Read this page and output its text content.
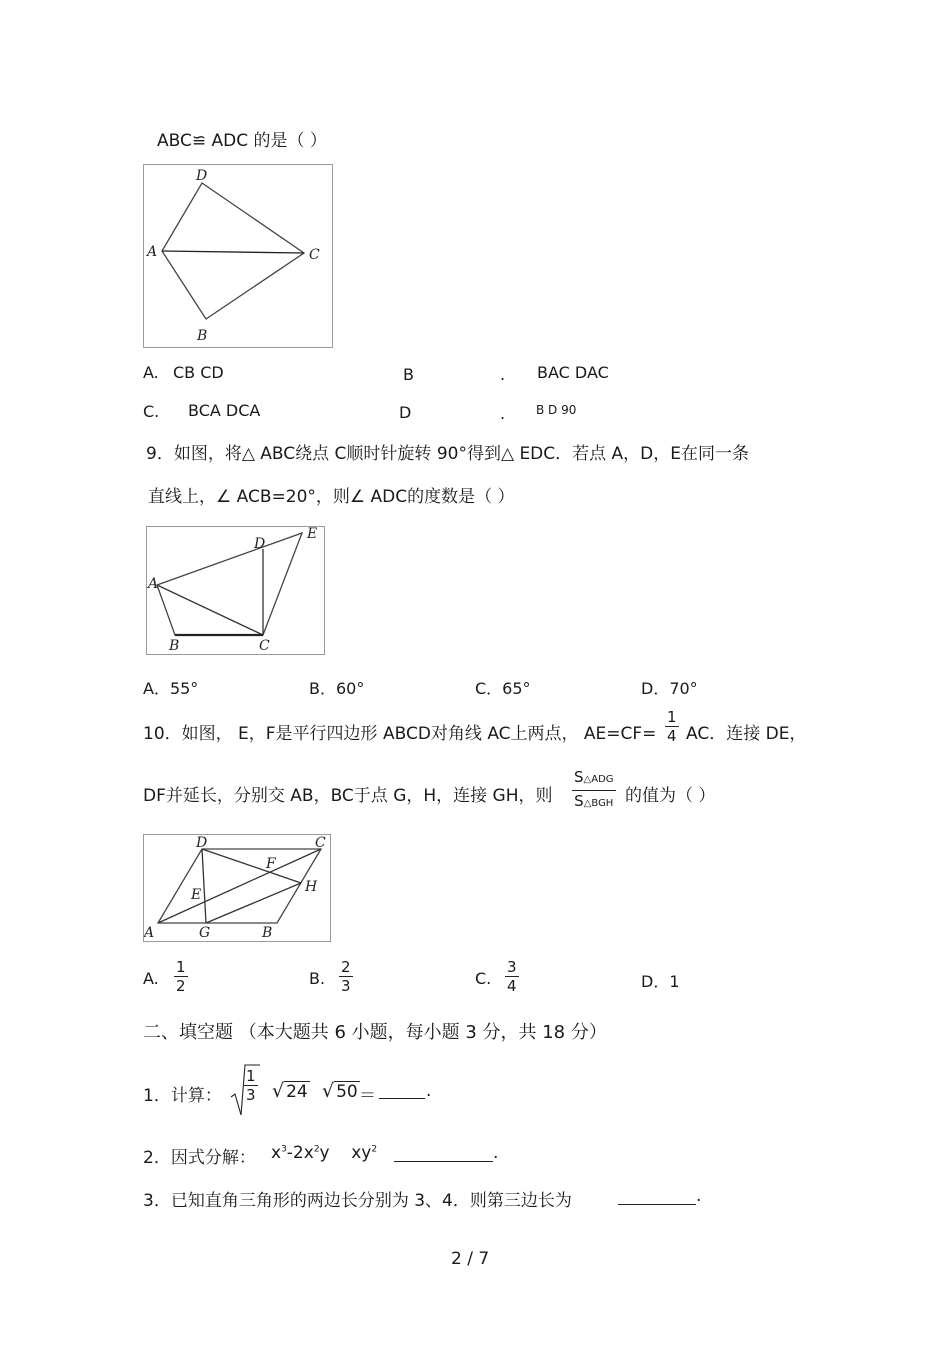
ABC≌ ADC 的是（ ）
D
A	C
B
A. CB CD	B	. BAC DAC
C. BCA DCA	D	.	B D 90
9．如图，将△ ABC绕点 C顺时针旋转 90°得到△ EDC．若点 A，D，E在同一条
直线上，∠ ACB=20°，则∠ ADC的度数是（ ）
D
E
A
B	C
A．55°	B．60°	C．65°	D．70°
10．如图， E，F是平行四边形 ABCD对角线 AC上两点， $AE=CF= \frac{1}{4}$ AC．连接 DE，
DF并延长，分别交 AB，BC于点 G，H，连接 GH，则
S△ADG
S△BGH 的值为（ ）
D	C
F
H
E
A	G	B
A. $\frac{1}{2}$	B. $\frac{2}{3}$	C. $\frac{3}{4}$	D．1
二、填空题 （本大题共 6 小题，每小题 3 分，共 18 分）
1．计算： $\frac{1}{3}$ √ 24 √ 50 ＝	.
2．因式分解： $x^3-2x^2y$    $xy^2$	.
3．已知直角三角形的两边长分别为 3、4．则第三边长为	.
2 / 7
